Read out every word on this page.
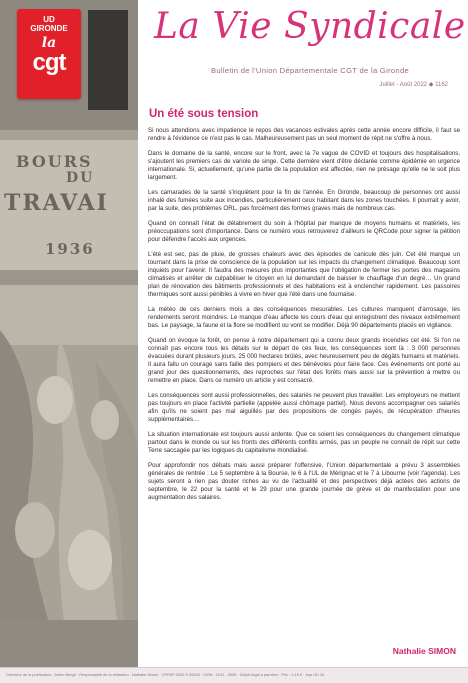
BOURS
DU
TRAVAI
1936
UD
GIRONDE
la
cgt
La Vie Syndicale
Bulletin de l'Union Départementale CGT de la Gironde
Juillet - Août 2022 ◆ 1162
Un été sous tension

Si nous attendions avec impatience le repos des vacances estivales après cette année encore difficile, il faut se rendre à l'évidence ce n'est pas le cas. Malheureusement pas un seul moment de répit ne s'offre à nous.

Dans le domaine de la santé, encore sur le front, avec la 7e vague de COVID et toujours des hospitalisations, s'ajoutent les premiers cas de variole de singe. Cette dernière vient d'être déclarée comme épidémie en urgence internationale. Si, actuellement, qu'une partie de la population est affectée, rien ne présage qu'elle ne le soit plus largement.

Les camarades de la santé s'inquiètent pour la fin de l'année. En Gironde, beaucoup de personnes ont aussi inhalé des fumées suite aux incendies, particulièrement ceux habitant dans les zones touchées. Il pourrait y avoir, par la suite, des problèmes ORL, pas forcément des formes graves mais de nombreux cas.

Quand on connaît l'état de délabrement du soin à l'hôpital par manque de moyens humains et matériels, les préoccupations sont d'importance. Dans ce numéro vous retrouverez d'ailleurs le QRCode pour signer la pétition pour défendre l'accès aux urgences.

L'été est sec, pas de pluie, de grosses chaleurs avec des épisodes de canicule dès juin. Cet été marque un tournant dans la prise de conscience de la population sur les impacts du changement climatique. Beaucoup sont inquiets pour l'avenir. Il faudra des mesures plus importantes que l'obligation de fermer les portes des magasins climatisés et arrêter de culpabiliser le citoyen en lui demandant de baisser le chauffage d'un degré… Un grand plan de rénovation des bâtiments professionnels et des habitations est à enclencher rapidement. Les passoires thermiques sont aussi pénibles à vivre en hiver que l'été dans une fournaise.

La météo de ces derniers mois a des conséquences mesurables. Les cultures manquent d'arrosage, les rendements seront moindres. Le manque d'eau affecte les cours d'eau qui enregistrent des niveaux extrêmement bas. Le paysage, la faune et la flore se modifient ou vont se modifier. Déjà 90 départements placés en vigilance.

Quand on évoque la forêt, on pense à notre département qui a connu deux grands incendies cet été. Si l'on ne connaît pas encore tous les détails sur le départ de ces feux, les conséquences sont là : 3 000 personnes évacuées durant plusieurs jours, 25 000 hectares brûlés, avec heureusement peu de dégâts humains et matériels. Il aura fallu un courage sans faille des pompiers et des bénévoles pour faire face. Ces événements ont porté au grand jour des questionnements, des reproches sur l'état des forêts mais aussi sur la prévention à mettre ou remettre en place. Dans ce numéro un article y est consacré.

Les conséquences sont aussi professionnelles, des salariés ne peuvent plus travailler. Les employeurs ne mettent pas toujours en place l'activité partielle (appelée aussi chômage partiel). Nous devons accompagner ces salariés afin qu'ils ne soient pas mal aiguillés par des propositions de congés payés, de récupération d'heures supplémentaires…

La situation internationale est toujours aussi ardente. Que ce soient les conséquences du changement climatique partout dans le monde ou sur les fronts des différents conflits armés, pas un peuple ne connaît de répit sur cette Terre saccagée par les logiques du capitalisme mondialisé.

Pour approfondir nos débats mais aussi préparer l'offensive, l'Union départementale a prévu 3 assemblées générales de rentrée : Le 5 septembre à la Bourse, le 6 à l'UL de Mérignac et le 7 à Libourne (voir l'agenda). Les sujets seront à rien pas douter riches au vu de l'actualité et des perspectives déjà actées des actions de septembre, le 22 pour la santé et le 29 pour une grande journée de grève et de manifestation pour une augmentation des salaires.

Nathalie SIMON
Directeur de la publication : Julien Bergé · Responsable de la rédaction : Nathalie Simon · CPPAP 0300 S 05345 · ISSN : 2101 - 3306 · Dépôt légal à parution · Prix : 0,15 € · Imp UD 33
